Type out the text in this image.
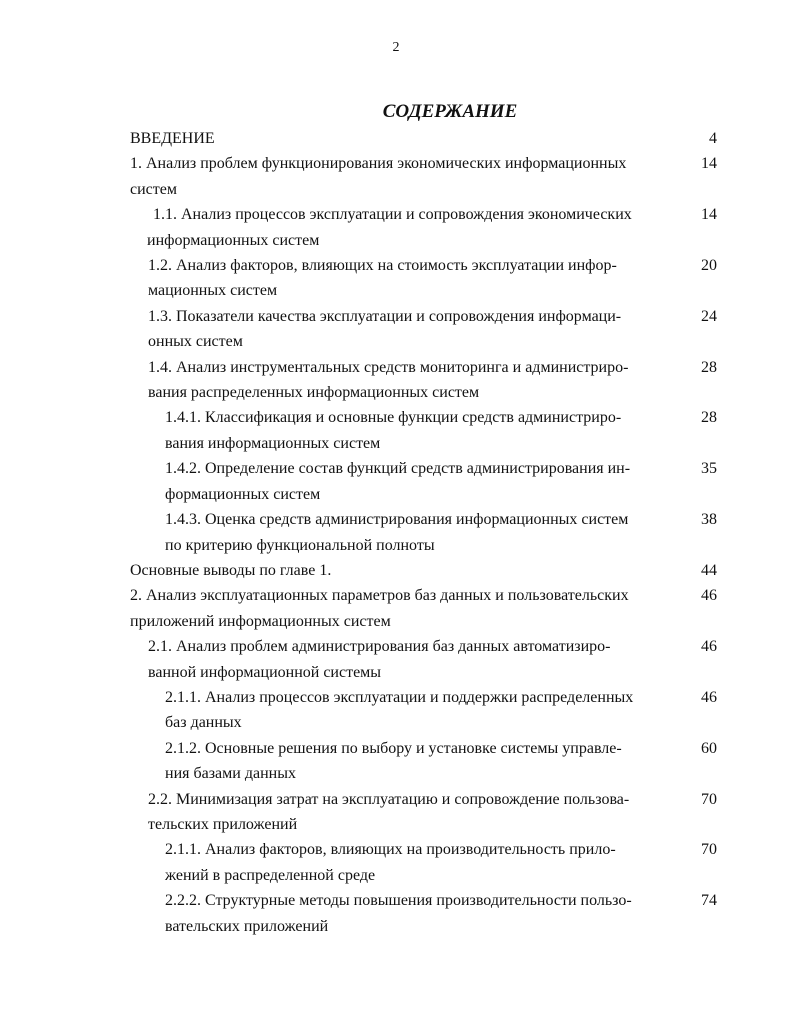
2
СОДЕРЖАНИЕ
ВВЕДЕНИЕ	4
1. Анализ проблем функционирования экономических информационных
систем
14
1.1. Анализ процессов эксплуатации и сопровождения экономических
информационных систем
14
1.2. Анализ факторов, влияющих на стоимость эксплуатации инфор-
мационных систем
20
1.3. Показатели качества эксплуатации и сопровождения информаци-
онных систем
24
1.4. Анализ инструментальных средств мониторинга и администриро-
вания распределенных информационных систем
28
1.4.1. Классификация и основные функции средств администриро-
вания информационных систем
28
1.4.2. Определение состав функций средств администрирования ин-
формационных систем
35
1.4.3. Оценка средств администрирования информационных систем
по критерию функциональной полноты
38
Основные выводы по главе 1.	44
2. Анализ эксплуатационных параметров баз данных и пользовательских
приложений информационных систем
46
2.1. Анализ проблем администрирования баз данных автоматизиро-
ванной информационной системы
46
2.1.1. Анализ процессов эксплуатации и поддержки распределенных
баз данных
46
2.1.2. Основные решения по выбору и установке системы управле-
ния базами данных
60
2.2. Минимизация затрат на эксплуатацию и сопровождение пользова-
тельских приложений
70
2.1.1. Анализ факторов, влияющих на производительность прило-
жений в распределенной среде
70
2.2.2. Структурные методы повышения производительности пользо-
вательских приложений
74
